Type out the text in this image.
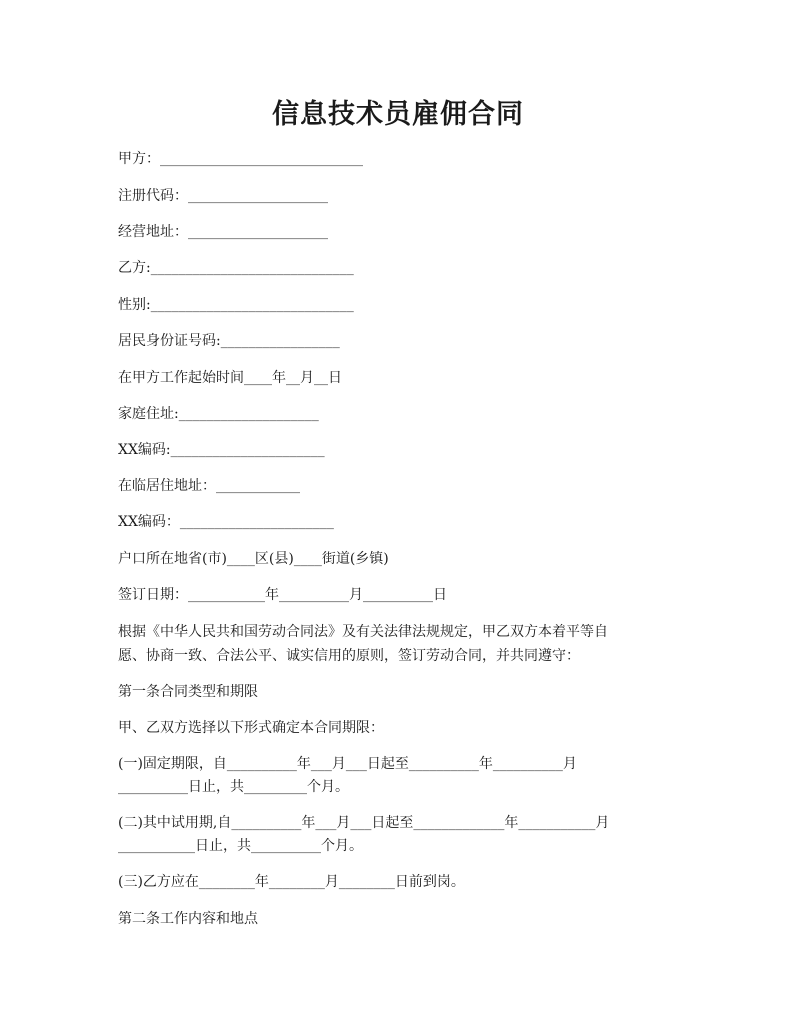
信息技术员雇佣合同
甲方：_____________________________
注册代码：____________________
经营地址：____________________
乙方:_____________________________
性别:_____________________________
居民身份证号码:_________________
在甲方工作起始时间____年__月__日
家庭住址:____________________
XX编码:______________________
在临居住地址：____________
XX编码：______________________
户口所在地省(市)____区(县)____街道(乡镇)
签订日期：___________年__________月__________日
根据《中华人民共和国劳动合同法》及有关法律法规规定，甲乙双方本着平等自
愿、协商一致、合法公平、诚实信用的原则，签订劳动合同，并共同遵守：
第一条合同类型和期限
甲、乙双方选择以下形式确定本合同期限：
(一)固定期限，自__________年___月___日起至__________年__________月
__________日止，共_________个月。
(二)其中试用期,自__________年___月___日起至_____________年___________月
___________日止，共__________个月。
(三)乙方应在________年________月________日前到岗。
第二条工作内容和地点
